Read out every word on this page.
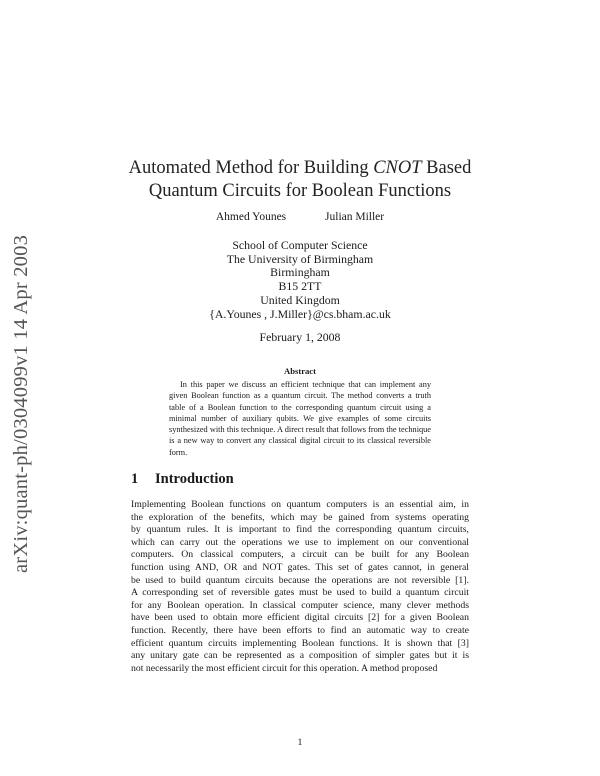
arXiv:quant-ph/0304099v1 14 Apr 2003
Automated Method for Building CNOT Based
Quantum Circuits for Boolean Functions
Ahmed Younes	Julian Miller
School of Computer Science
The University of Birmingham
Birmingham
B15 2TT
United Kingdom
{A.Younes , J.Miller}@cs.bham.ac.uk
February 1, 2008
Abstract

In this paper we discuss an efficient technique that can implement any given Boolean function as a quantum circuit. The method converts a truth table of a Boolean function to the corresponding quantum circuit using a minimal number of auxiliary qubits. We give examples of some circuits synthesized with this technique. A direct result that follows from the technique is a new way to convert any classical digital circuit to its classical reversible form.

1 Introduction
Implementing Boolean functions on quantum computers is an essential aim, in
the exploration of the benefits, which may be gained from systems operating
by quantum rules. It is important to find the corresponding quantum circuits,
which can carry out the operations we use to implement on our conventional
computers. On classical computers, a circuit can be built for any Boolean
function using AND, OR and NOT gates. This set of gates cannot, in general
be used to build quantum circuits because the operations are not reversible [1].
A corresponding set of reversible gates must be used to build a quantum circuit
for any Boolean operation. In classical computer science, many clever methods
have been used to obtain more efficient digital circuits [2] for a given Boolean
function. Recently, there have been efforts to find an automatic way to create
efficient quantum circuits implementing Boolean functions. It is shown that [3]
any unitary gate can be represented as a composition of simpler gates but it is
not necessarily the most efficient circuit for this operation. A method proposed
1
